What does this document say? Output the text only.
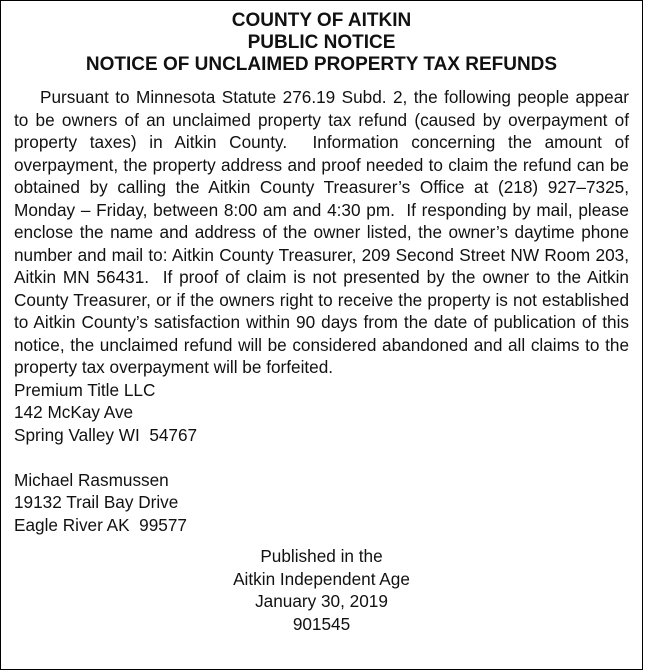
COUNTY OF AITKIN
PUBLIC NOTICE
NOTICE OF UNCLAIMED PROPERTY TAX REFUNDS

Pursuant to Minnesota Statute 276.19 Subd. 2, the following people appear to be owners of an unclaimed property tax refund (caused by overpayment of property taxes) in Aitkin County.  Information concerning the amount of overpayment, the property address and proof needed to claim the refund can be obtained by calling the Aitkin County Treasurer’s Office at (218) 927–7325, Monday – Friday, between 8:00 am and 4:30 pm.  If responding by mail, please enclose the name and address of the owner listed, the owner’s daytime phone number and mail to: Aitkin County Treasurer, 209 Second Street NW Room 203, Aitkin MN 56431.  If proof of claim is not presented by the owner to the Aitkin County Treasurer, or if the owners right to receive the property is not established to Aitkin County’s satisfaction within 90 days from the date of publication of this notice, the unclaimed refund will be considered abandoned and all claims to the property tax overpayment will be forfeited.

Premium Title LLC
142 McKay Ave
Spring Valley WI  54767
Michael Rasmussen
19132 Trail Bay Drive
Eagle River AK  99577
Published in the
Aitkin Independent Age
January 30, 2019
901545
